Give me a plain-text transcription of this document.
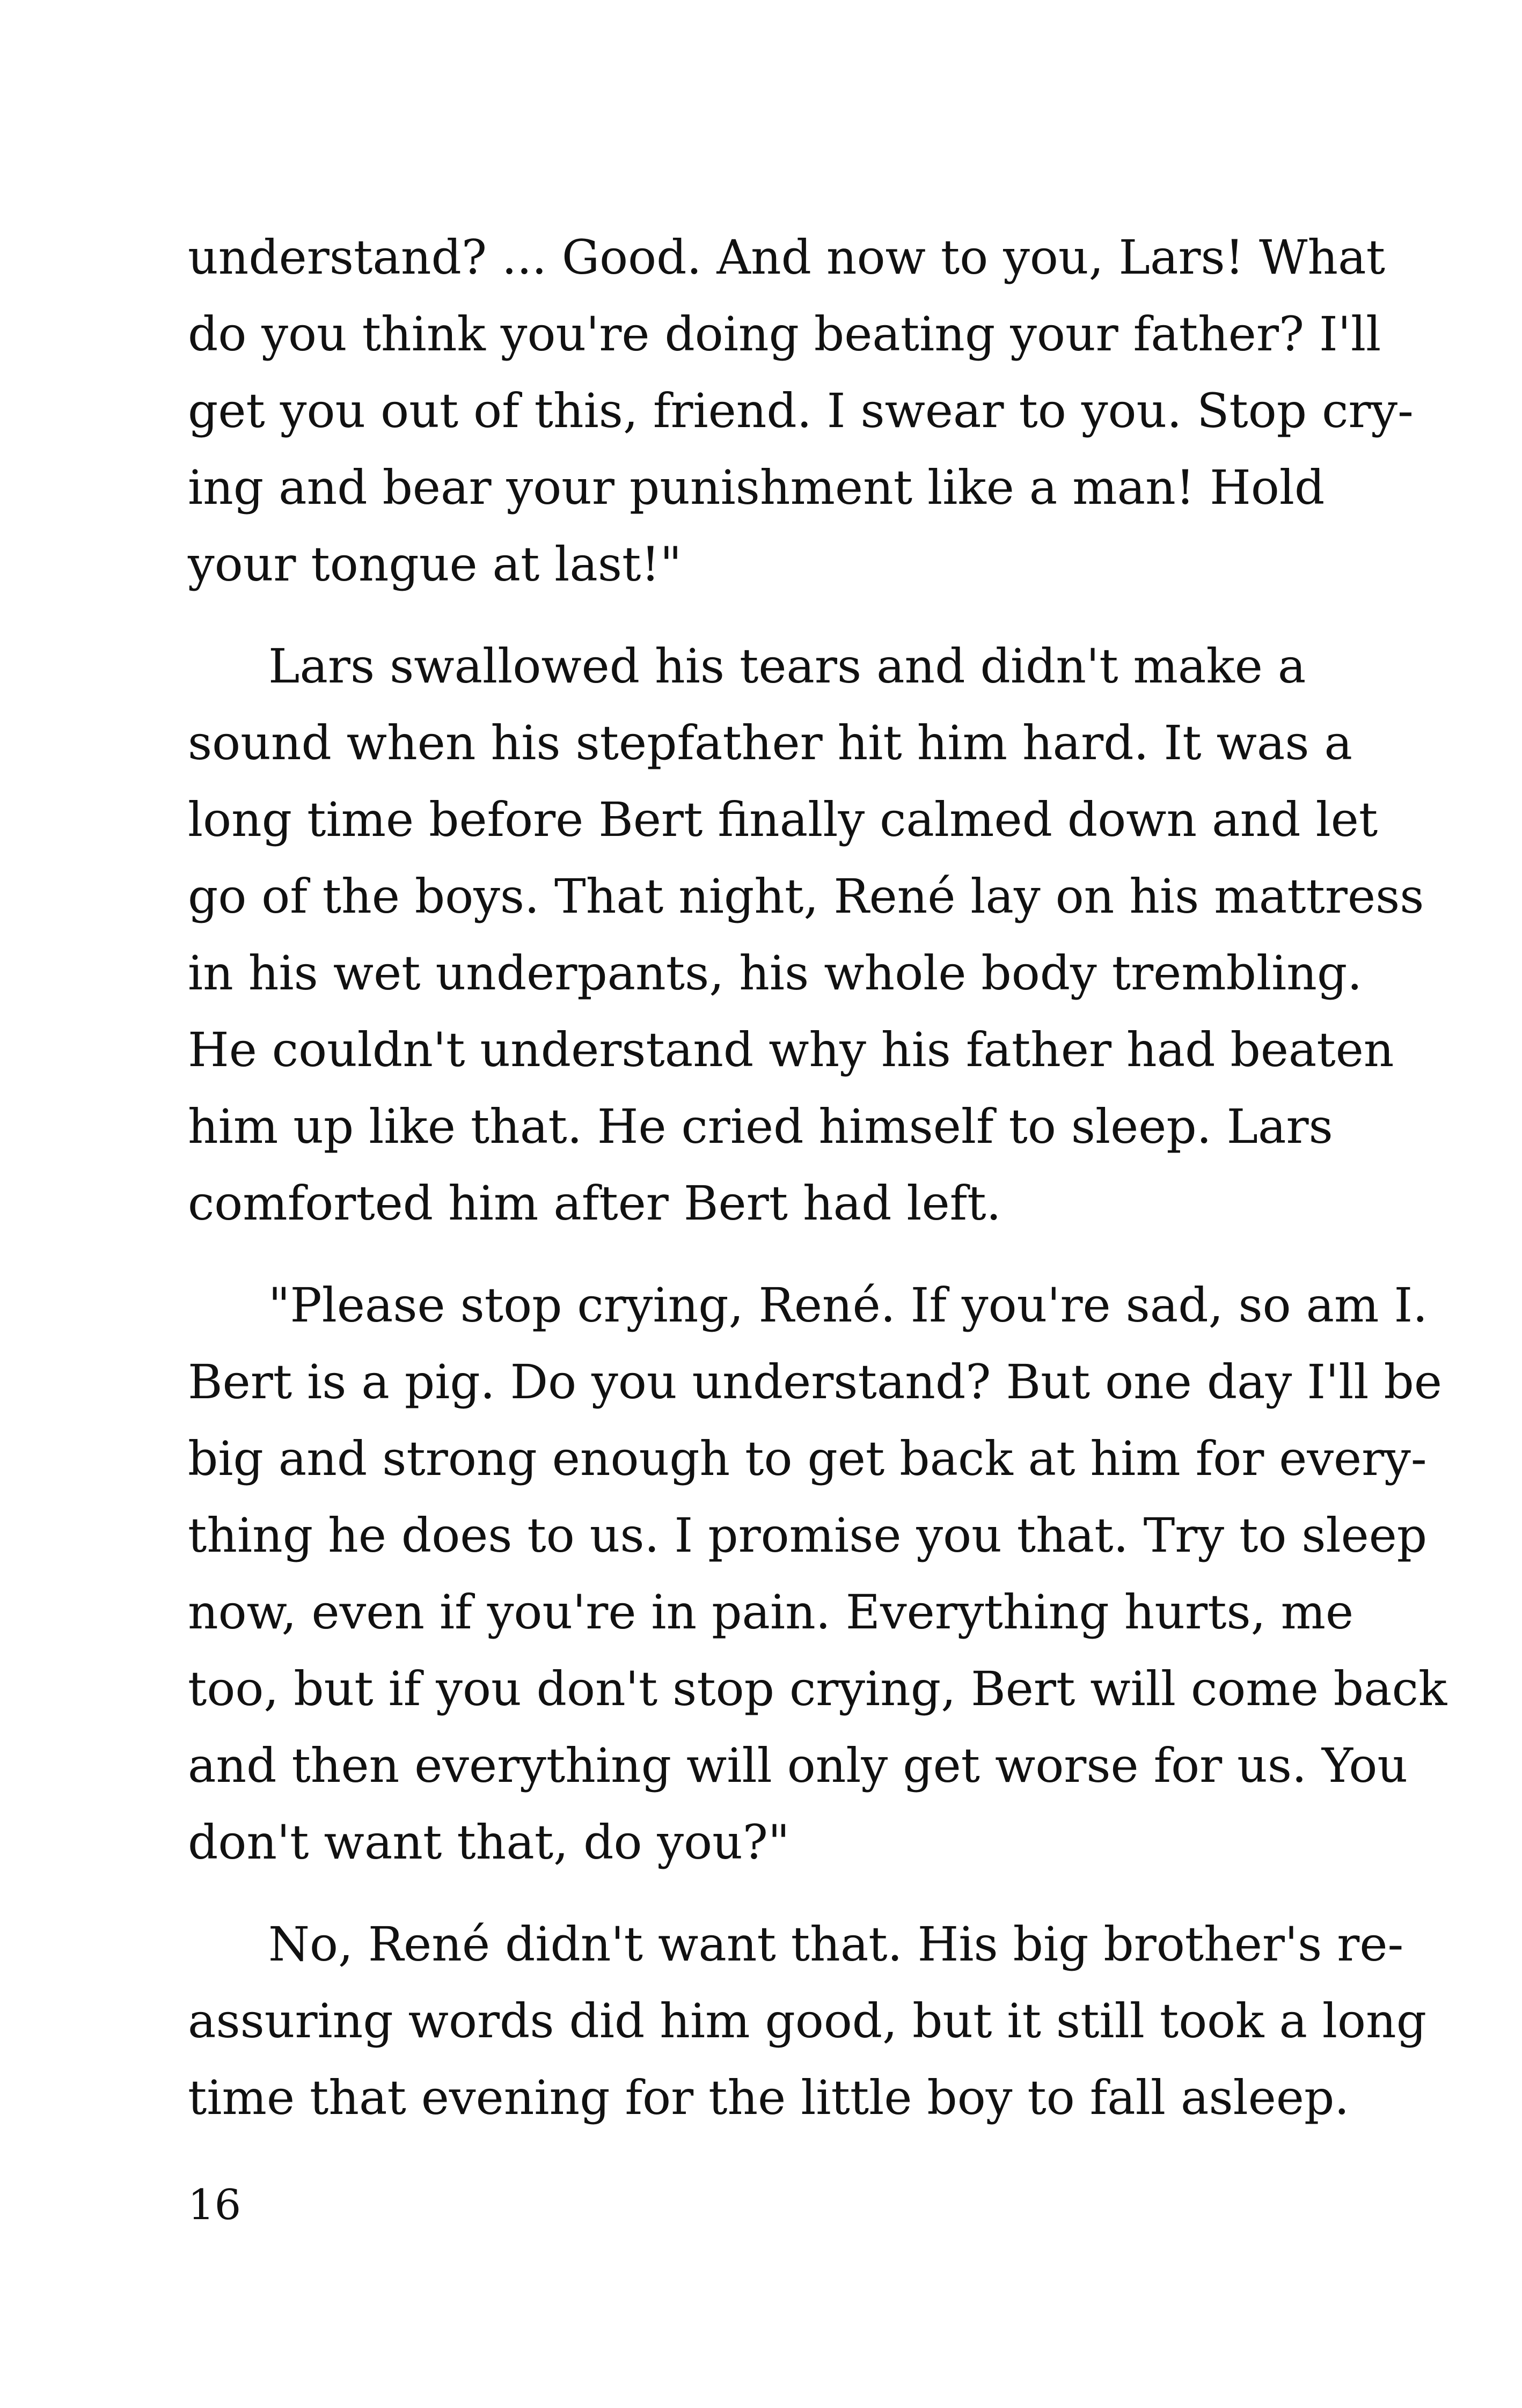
understand? ... Good. And now to you, Lars! What
do you think you're doing beating your father? I'll
get you out of this, friend. I swear to you. Stop cry-
ing and bear your punishment like a man! Hold
your tongue at last!"

Lars swallowed his tears and didn't make a
sound when his stepfather hit him hard. It was a
long time before Bert finally calmed down and let
go of the boys. That night, René lay on his mattress
in his wet underpants, his whole body trembling.
He couldn't understand why his father had beaten
him up like that. He cried himself to sleep. Lars
comforted him after Bert had left.

"Please stop crying, René. If you're sad, so am I.
Bert is a pig. Do you understand? But one day I'll be
big and strong enough to get back at him for every-
thing he does to us. I promise you that. Try to sleep
now, even if you're in pain. Everything hurts, me
too, but if you don't stop crying, Bert will come back
and then everything will only get worse for us. You
don't want that, do you?"

No, René didn't want that. His big brother's re-
assuring words did him good, but it still took a long
time that evening for the little boy to fall asleep.

16
